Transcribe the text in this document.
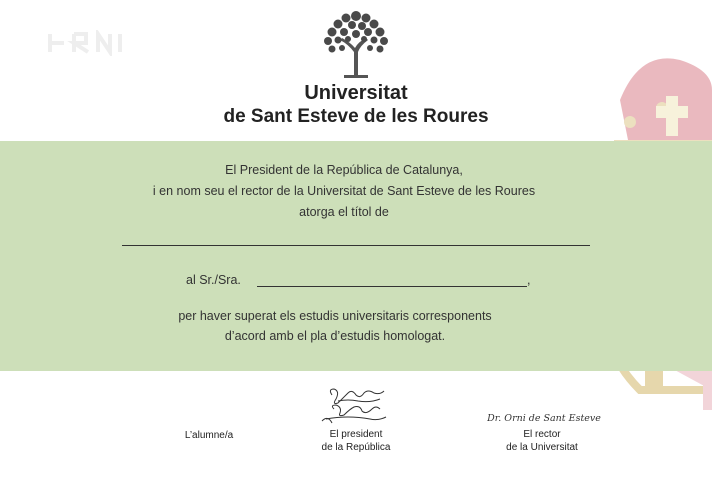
Universitat
de Sant Esteve de les Roures
El President de la República de Catalunya,
i en nom seu el rector de la Universitat de Sant Esteve de les Roures
atorga el títol de
al Sr./Sra.	,
per haver superat els estudis universitaris corresponents
d’acord amb el pla d’estudis homologat.
Dr. Orni de Sant Esteve
L’alumne/a	El president
de la República
El rector
de la Universitat
